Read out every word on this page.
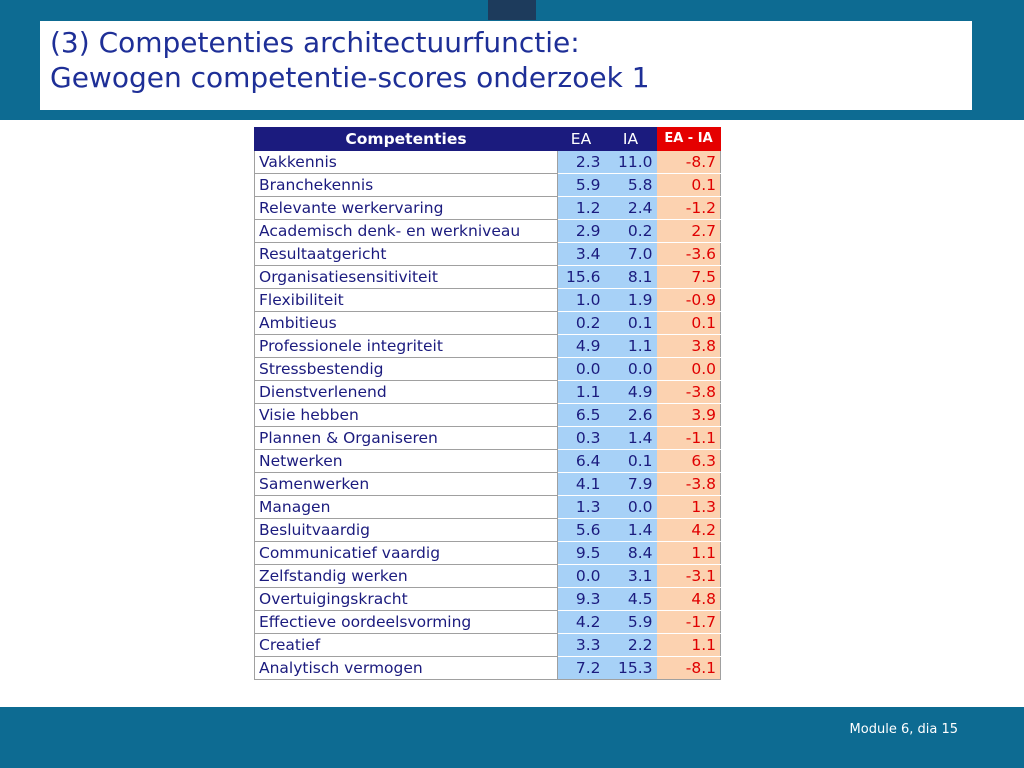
(3) Competenties architectuurfunctie:
Gewogen competentie-scores onderzoek 1
Competenties	EA	IA	EA - IA
Vakkennis	2.3	11.0	-8.7
Branchekennis	5.9	5.8	0.1
Relevante werkervaring	1.2	2.4	-1.2
Academisch denk- en werkniveau	2.9	0.2	2.7
Resultaatgericht	3.4	7.0	-3.6
Organisatiesensitiviteit	15.6	8.1	7.5
Flexibiliteit	1.0	1.9	-0.9
Ambitieus	0.2	0.1	0.1
Professionele integriteit	4.9	1.1	3.8
Stressbestendig	0.0	0.0	0.0
Dienstverlenend	1.1	4.9	-3.8
Visie hebben	6.5	2.6	3.9
Plannen & Organiseren	0.3	1.4	-1.1
Netwerken	6.4	0.1	6.3
Samenwerken	4.1	7.9	-3.8
Managen	1.3	0.0	1.3
Besluitvaardig	5.6	1.4	4.2
Communicatief vaardig	9.5	8.4	1.1
Zelfstandig werken	0.0	3.1	-3.1
Overtuigingskracht	9.3	4.5	4.8
Effectieve oordeelsvorming	4.2	5.9	-1.7
Creatief	3.3	2.2	1.1
Analytisch vermogen	7.2	15.3	-8.1
Module 6, dia 15
